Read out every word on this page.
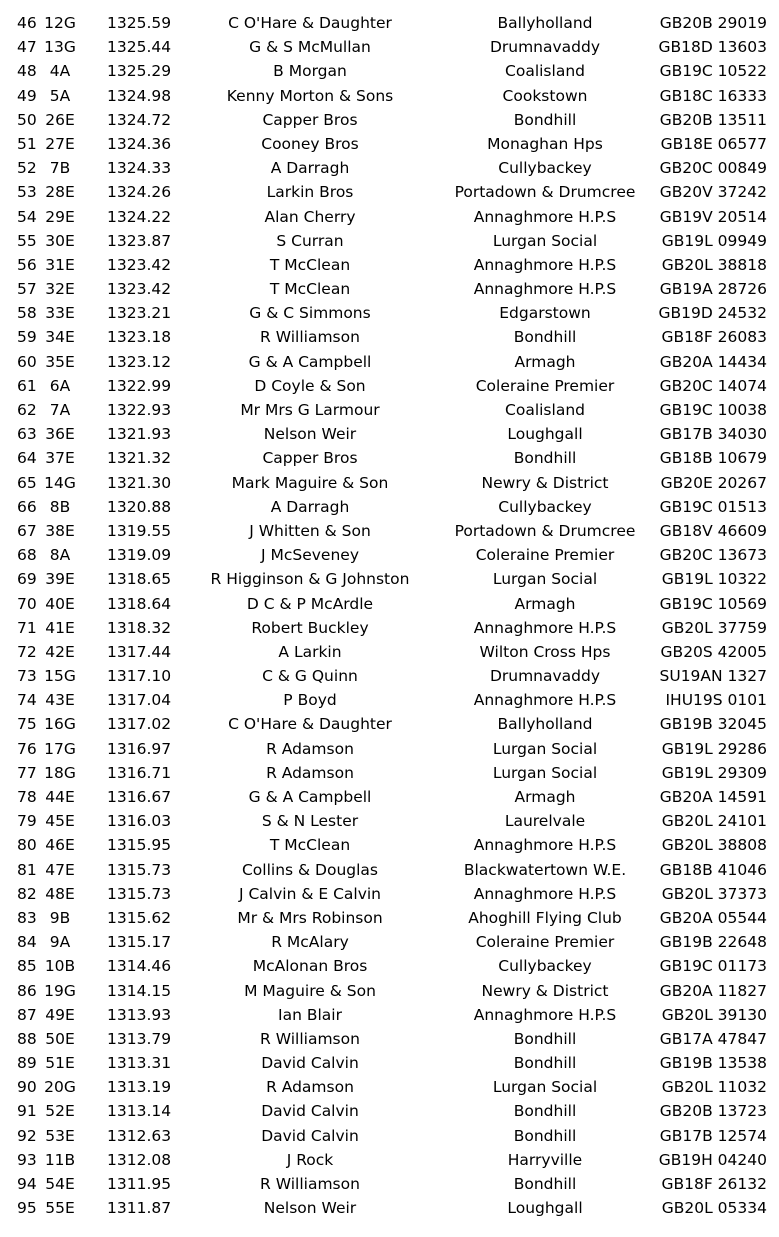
46 12G 1325.59	C O'Hare & Daughter	Ballyholland	GB20B 29019
47 13G 1325.44	G & S McMullan	Drumnavaddy	GB18D 13603
48 4A	1325.29	B Morgan	Coalisland	GB19C 10522
49 5A	1324.98	Kenny Morton & Sons	Cookstown	GB18C 16333
50 26E	1324.72	Capper Bros	Bondhill	GB20B 13511
51 27E	1324.36	Cooney Bros	Monaghan Hps	GB18E 06577
52 7B	1324.33	A Darragh	Cullybackey	GB20C 00849
53 28E	1324.26	Larkin Bros	Portadown & Drumcree	GB20V 37242
54 29E	1324.22	Alan Cherry	Annaghmore H.P.S	GB19V 20514
55 30E	1323.87	S Curran	Lurgan Social	GB19L 09949
56 31E	1323.42	T McClean	Annaghmore H.P.S	GB20L 38818
57 32E	1323.42	T McClean	Annaghmore H.P.S	GB19A 28726
58 33E	1323.21	G & C Simmons	Edgarstown	GB19D 24532
59 34E	1323.18	R Williamson	Bondhill	GB18F 26083
60 35E	1323.12	G & A Campbell	Armagh	GB20A 14434
61 6A	1322.99	D Coyle & Son	Coleraine Premier	GB20C 14074
62 7A	1322.93	Mr Mrs G Larmour	Coalisland	GB19C 10038
63 36E	1321.93	Nelson Weir	Loughgall	GB17B 34030
64 37E	1321.32	Capper Bros	Bondhill	GB18B 10679
65 14G 1321.30	Mark Maguire & Son	Newry & District	GB20E 20267
66 8B	1320.88	A Darragh	Cullybackey	GB19C 01513
67 38E	1319.55	J Whitten & Son	Portadown & Drumcree	GB18V 46609
68 8A	1319.09	J McSeveney	Coleraine Premier	GB20C 13673
69 39E	1318.65	R Higginson & G Johnston	Lurgan Social	GB19L 10322
70 40E	1318.64	D C & P McArdle	Armagh	GB19C 10569
71 41E	1318.32	Robert Buckley	Annaghmore H.P.S	GB20L 37759
72 42E	1317.44	A Larkin	Wilton Cross Hps	GB20S 42005
73 15G 1317.10	C & G Quinn	Drumnavaddy	SU19AN 1327
74 43E	1317.04	P Boyd	Annaghmore H.P.S	IHU19S 0101
75 16G 1317.02	C O'Hare & Daughter	Ballyholland	GB19B 32045
76 17G 1316.97	R Adamson	Lurgan Social	GB19L 29286
77 18G 1316.71	R Adamson	Lurgan Social	GB19L 29309
78 44E	1316.67	G & A Campbell	Armagh	GB20A 14591
79 45E	1316.03	S & N Lester	Laurelvale	GB20L 24101
80 46E	1315.95	T McClean	Annaghmore H.P.S	GB20L 38808
81 47E	1315.73	Collins & Douglas	Blackwatertown W.E.	GB18B 41046
82 48E	1315.73	J Calvin & E Calvin	Annaghmore H.P.S	GB20L 37373
83 9B	1315.62	Mr & Mrs Robinson	Ahoghill Flying Club	GB20A 05544
84 9A	1315.17	R McAlary	Coleraine Premier	GB19B 22648
85 10B	1314.46	McAlonan Bros	Cullybackey	GB19C 01173
86 19G 1314.15	M Maguire & Son	Newry & District	GB20A 11827
87 49E	1313.93	Ian Blair	Annaghmore H.P.S	GB20L 39130
88 50E	1313.79	R Williamson	Bondhill	GB17A 47847
89 51E	1313.31	David Calvin	Bondhill	GB19B 13538
90 20G 1313.19	R Adamson	Lurgan Social	GB20L 11032
91 52E	1313.14	David Calvin	Bondhill	GB20B 13723
92 53E	1312.63	David Calvin	Bondhill	GB17B 12574
93 11B	1312.08	J Rock	Harryville	GB19H 04240
94 54E	1311.95	R Williamson	Bondhill	GB18F 26132
95 55E	1311.87	Nelson Weir	Loughgall	GB20L 05334
